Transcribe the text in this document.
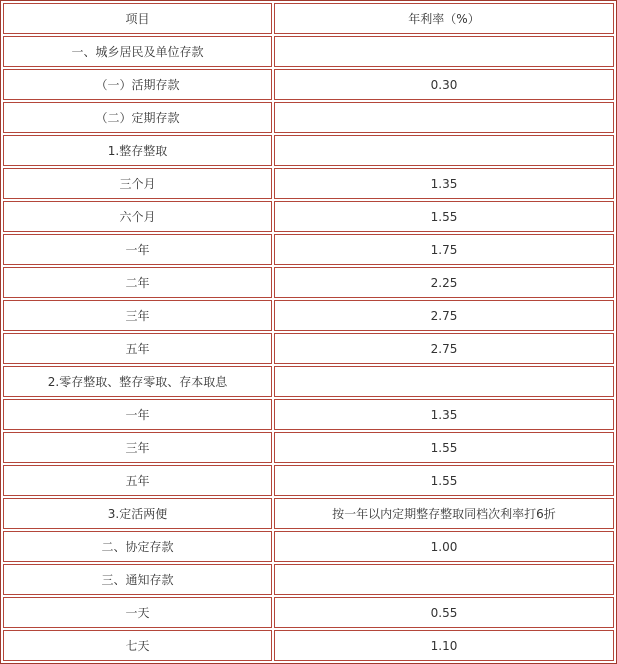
项目	年利率（%）
一、城乡居民及单位存款	
（一）活期存款	0.30
（二）定期存款	
1.整存整取	
三个月	1.35
六个月	1.55
一年	1.75
二年	2.25
三年	2.75
五年	2.75
2.零存整取、整存零取、存本取息	
一年	1.35
三年	1.55
五年	1.55
3.定活两便	按一年以内定期整存整取同档次利率打6折
二、协定存款	1.00
三、通知存款	
一天	0.55
七天	1.10
